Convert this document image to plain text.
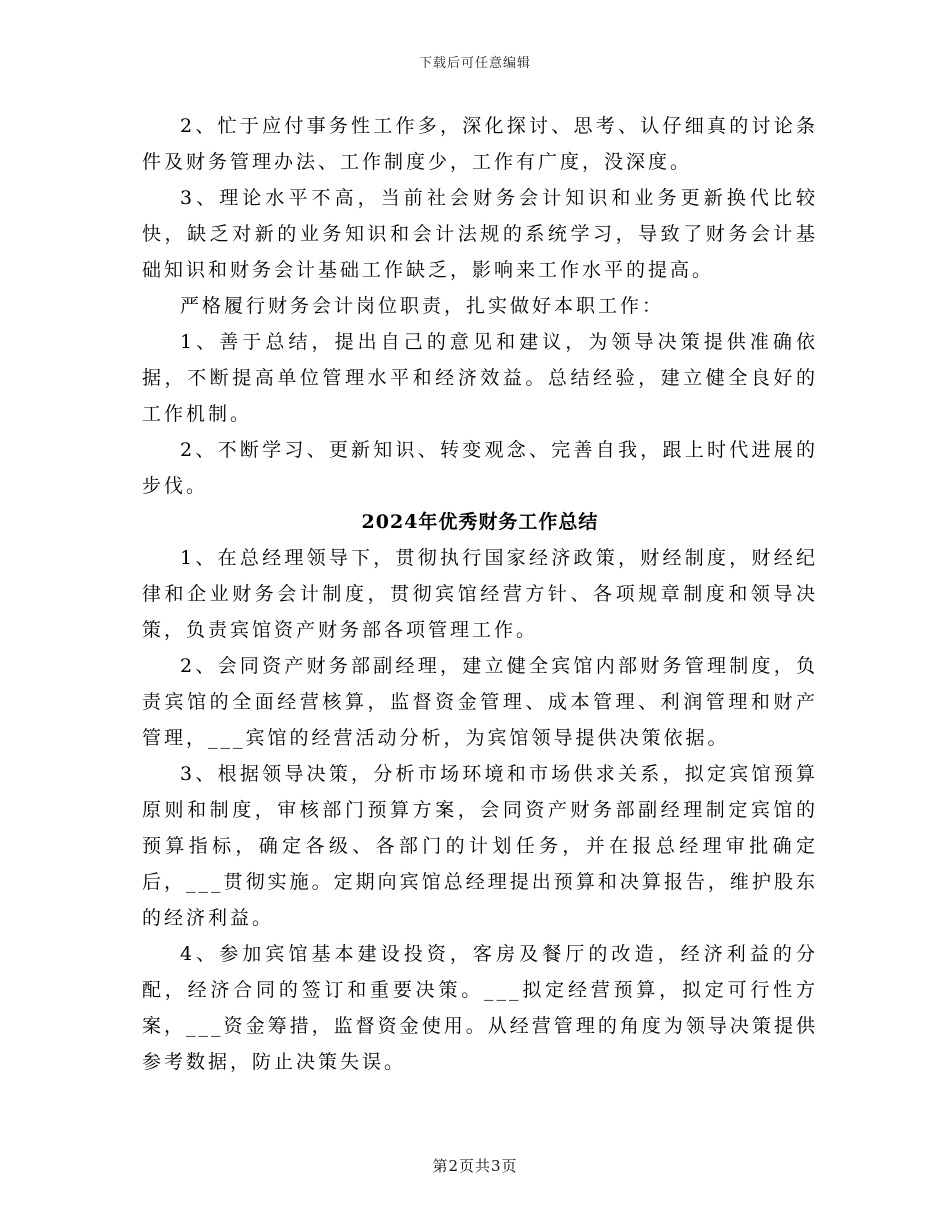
下载后可任意编辑

2、忙于应付事务性工作多，深化探讨、思考、认仔细真的讨论条件及财务管理办法、工作制度少，工作有广度，没深度。

3、理论水平不高，当前社会财务会计知识和业务更新换代比较快，缺乏对新的业务知识和会计法规的系统学习，导致了财务会计基础知识和财务会计基础工作缺乏，影响来工作水平的提高。

严格履行财务会计岗位职责，扎实做好本职工作：

1、善于总结，提出自己的意见和建议，为领导决策提供准确依据，不断提高单位管理水平和经济效益。总结经验，建立健全良好的工作机制。

2、不断学习、更新知识、转变观念、完善自我，跟上时代进展的步伐。

2024年优秀财务工作总结

1、在总经理领导下，贯彻执行国家经济政策，财经制度，财经纪律和企业财务会计制度，贯彻宾馆经营方针、各项规章制度和领导决策，负责宾馆资产财务部各项管理工作。

2、会同资产财务部副经理，建立健全宾馆内部财务管理制度，负责宾馆的全面经营核算，监督资金管理、成本管理、利润管理和财产管理，___宾馆的经营活动分析，为宾馆领导提供决策依据。

3、根据领导决策，分析市场环境和市场供求关系，拟定宾馆预算原则和制度，审核部门预算方案，会同资产财务部副经理制定宾馆的预算指标，确定各级、各部门的计划任务，并在报总经理审批确定后，___贯彻实施。定期向宾馆总经理提出预算和决算报告，维护股东的经济利益。

4、参加宾馆基本建设投资，客房及餐厅的改造，经济利益的分配，经济合同的签订和重要决策。___拟定经营预算，拟定可行性方案，___资金筹措，监督资金使用。从经营管理的角度为领导决策提供参考数据，防止决策失误。

第2页共3页
